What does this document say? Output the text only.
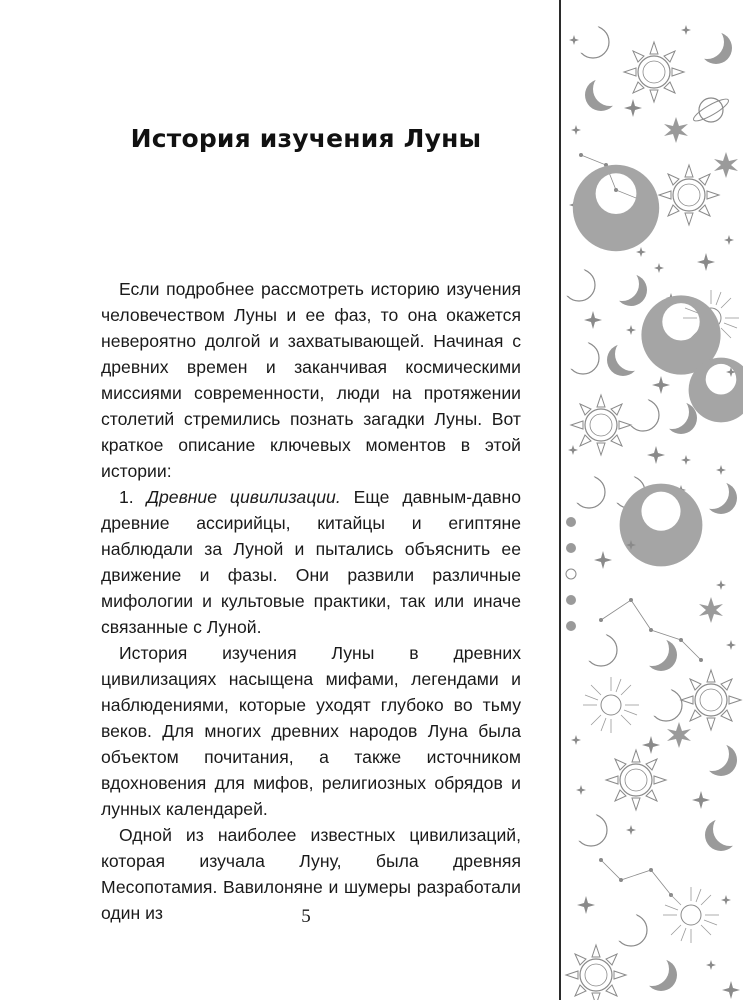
История изучения Луны

Если подробнее рассмотреть историю изучения человечеством Луны и ее фаз, то она окажется невероятно долгой и захватывающей. Начиная с древних времен и заканчивая космическими миссиями современности, люди на протяжении столетий стремились познать загадки Луны. Вот краткое описание ключевых моментов в этой истории:

1. Древние цивилизации. Еще давным-давно древние ассирийцы, китайцы и египтяне наблюдали за Луной и пытались объяснить ее движение и фазы. Они развили различные мифологии и культовые практики, так или иначе связанные с Луной.

История изучения Луны в древних цивилизациях насыщена мифами, легендами и наблюдениями, которые уходят глубоко во тьму веков. Для многих древних народов Луна была объектом почитания, а также источником вдохновения для мифов, религиозных обрядов и лунных календарей.

Одной из наиболее известных цивилизаций, которая изучала Луну, была древняя Месопотамия. Вавилоняне и шумеры разработали один из	5
